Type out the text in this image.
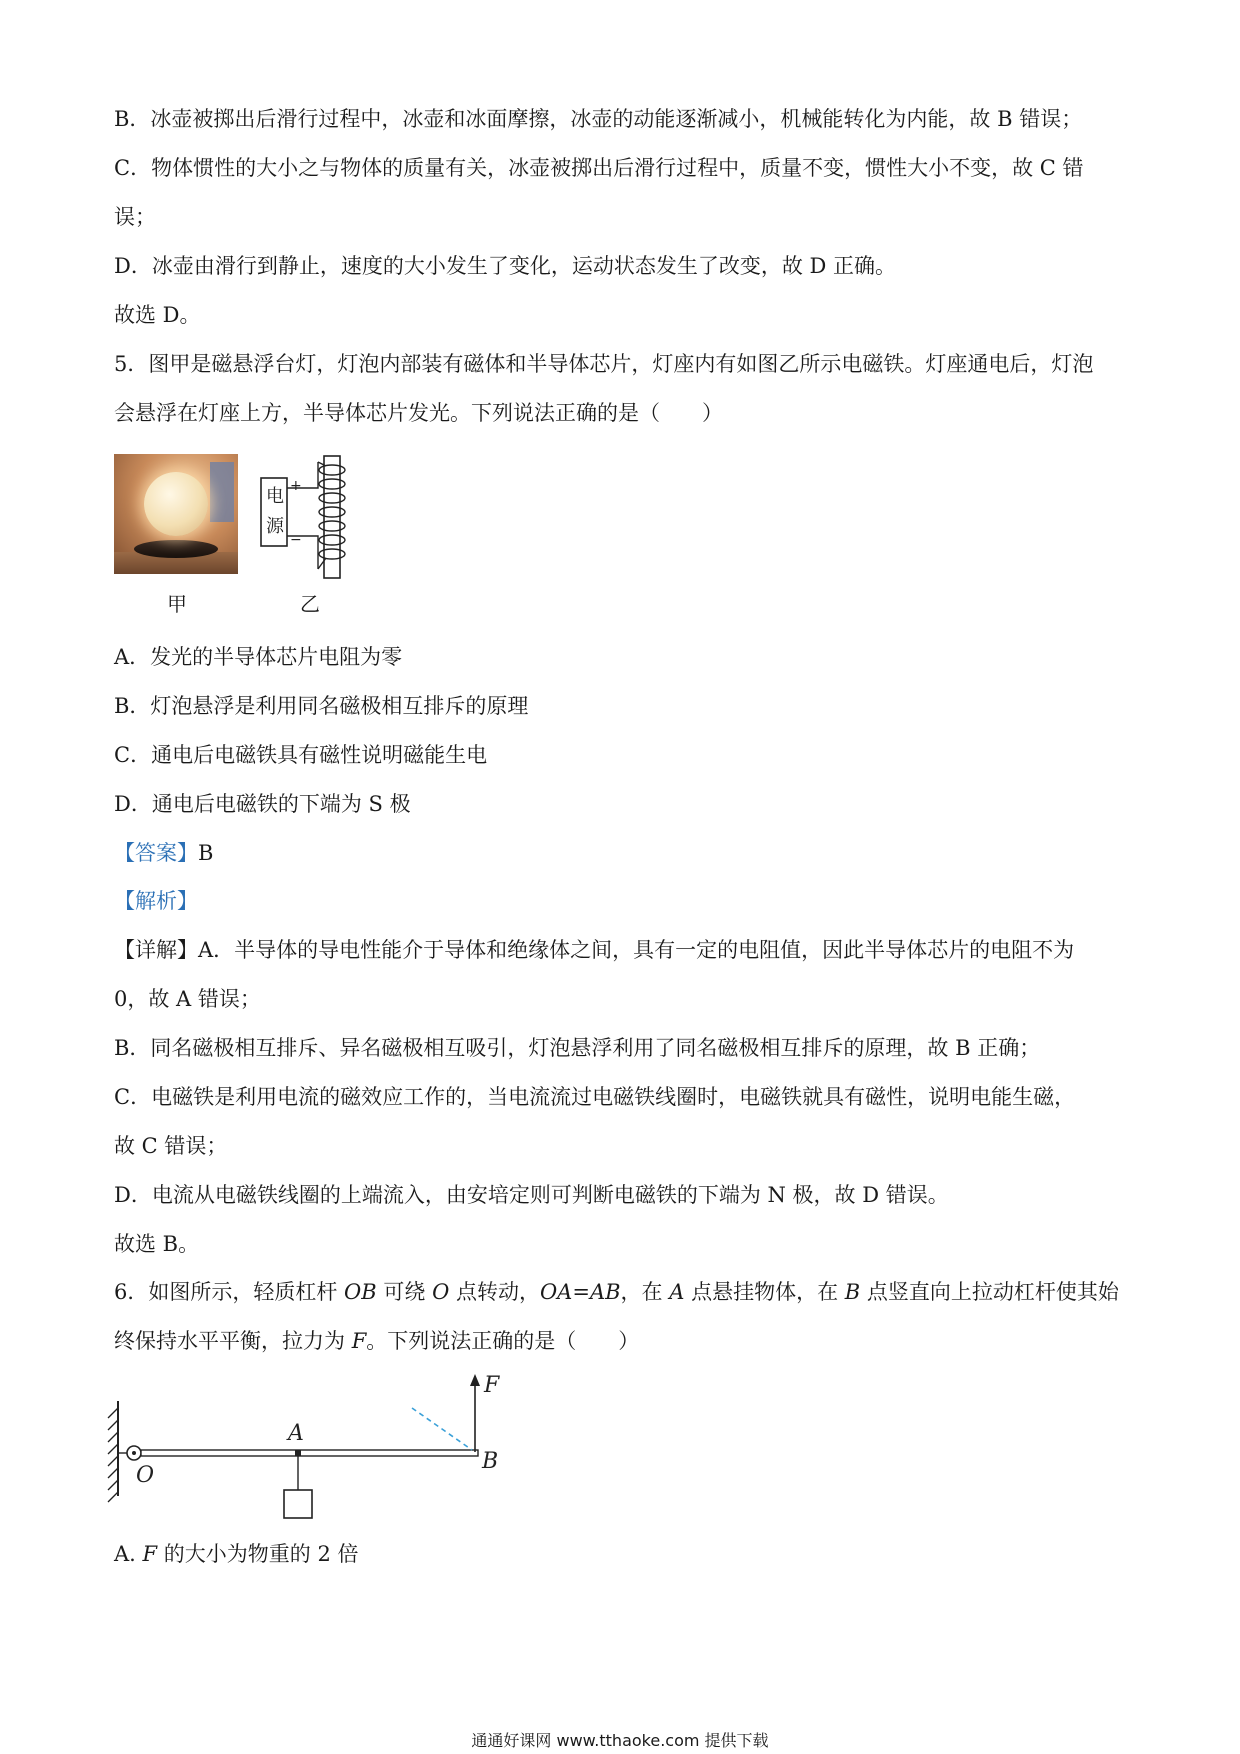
B．冰壶被掷出后滑行过程中，冰壶和冰面摩擦，冰壶的动能逐渐减小，机械能转化为内能，故 B 错误；
C．物体惯性的大小之与物体的质量有关，冰壶被掷出后滑行过程中，质量不变，惯性大小不变，故 C 错
误；
D．冰壶由滑行到静止，速度的大小发生了变化，运动状态发生了改变，故 D 正确。
故选 D。
5．图甲是磁悬浮台灯，灯泡内部装有磁体和半导体芯片，灯座内有如图乙所示电磁铁。灯座通电后，灯泡
会悬浮在灯座上方，半导体芯片发光。下列说法正确的是（　　）
甲
电
源
+
−
乙
A．发光的半导体芯片电阻为零
B．灯泡悬浮是利用同名磁极相互排斥的原理
C．通电后电磁铁具有磁性说明磁能生电
D．通电后电磁铁的下端为 S 极
【答案】B
【解析】
【详解】A．半导体的导电性能介于导体和绝缘体之间，具有一定的电阻值，因此半导体芯片的电阻不为
0，故 A 错误；
B．同名磁极相互排斥、异名磁极相互吸引，灯泡悬浮利用了同名磁极相互排斥的原理，故 B 正确；
C．电磁铁是利用电流的磁效应工作的，当电流流过电磁铁线圈时，电磁铁就具有磁性，说明电能生磁，
故 C 错误；
D．电流从电磁铁线圈的上端流入，由安培定则可判断电磁铁的下端为 N 极，故 D 错误。
故选 B。
6．如图所示，轻质杠杆 OB 可绕 O 点转动，OA=AB，在 A 点悬挂物体，在 B 点竖直向上拉动杠杆使其始
终保持水平平衡，拉力为 F。下列说法正确的是（　　）
F
A
B
O
A. F 的大小为物重的 2 倍
通通好课网 www.tthaoke.com 提供下载
